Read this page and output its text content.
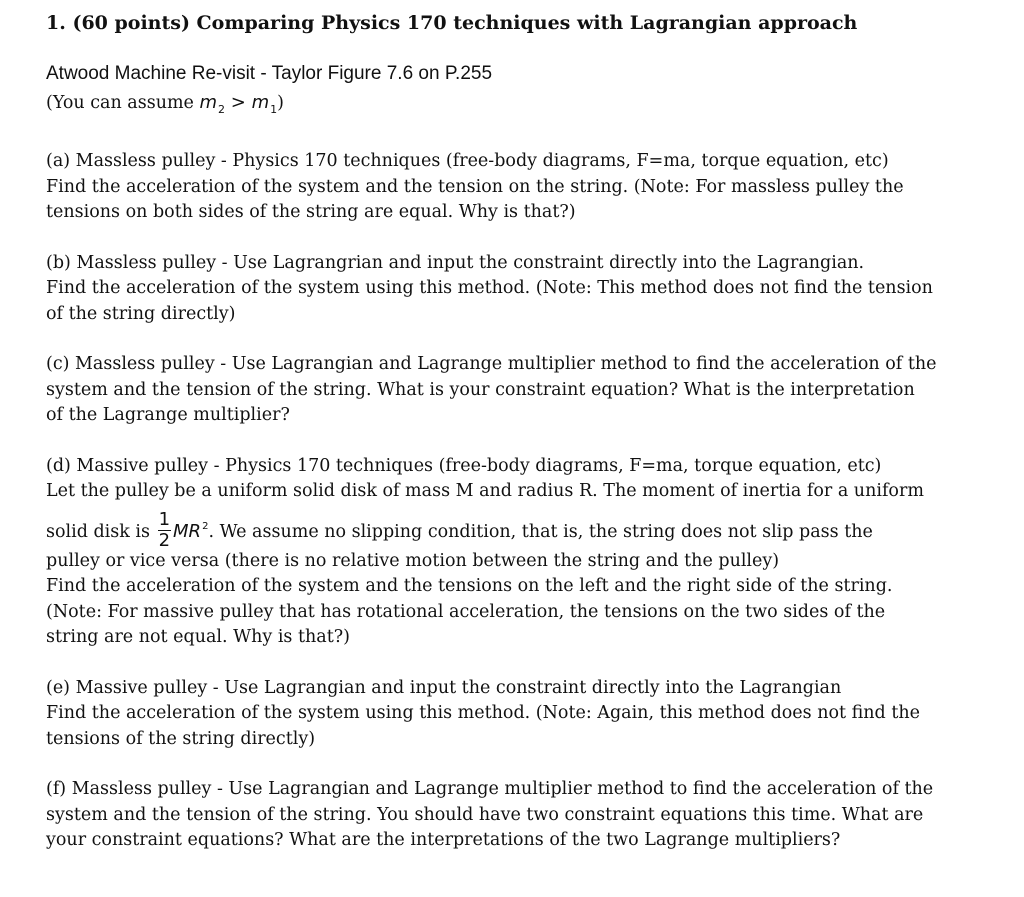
1. (60 points) Comparing Physics 170 techniques with Lagrangian approach
Atwood Machine Re-visit - Taylor Figure 7.6 on P.255
(You can assume $m_2 > m_1$)
(a) Massless pulley - Physics 170 techniques (free-body diagrams, F=ma, torque equation, etc)
Find the acceleration of the system and the tension on the string. (Note: For massless pulley the
tensions on both sides of the string are equal. Why is that?)
(b) Massless pulley - Use Lagrangrian and input the constraint directly into the Lagrangian.
Find the acceleration of the system using this method. (Note: This method does not find the tension
of the string directly)
(c) Massless pulley - Use Lagrangian and Lagrange multiplier method to find the acceleration of the
system and the tension of the string. What is your constraint equation? What is the interpretation
of the Lagrange multiplier?
(d) Massive pulley - Physics 170 techniques (free-body diagrams, F=ma, torque equation, etc)
Let the pulley be a uniform solid disk of mass M and radius R. The moment of inertia for a uniform
solid disk is $\frac{1}{2} MR^2$. We assume no slipping condition, that is, the string does not slip pass the
pulley or vice versa (there is no relative motion between the string and the pulley)
Find the acceleration of the system and the tensions on the left and the right side of the string.
(Note: For massive pulley that has rotational acceleration, the tensions on the two sides of the
string are not equal. Why is that?)
(e) Massive pulley - Use Lagrangian and input the constraint directly into the Lagrangian
Find the acceleration of the system using this method. (Note: Again, this method does not find the
tensions of the string directly)
(f) Massless pulley - Use Lagrangian and Lagrange multiplier method to find the acceleration of the
system and the tension of the string. You should have two constraint equations this time. What are
your constraint equations? What are the interpretations of the two Lagrange multipliers?
